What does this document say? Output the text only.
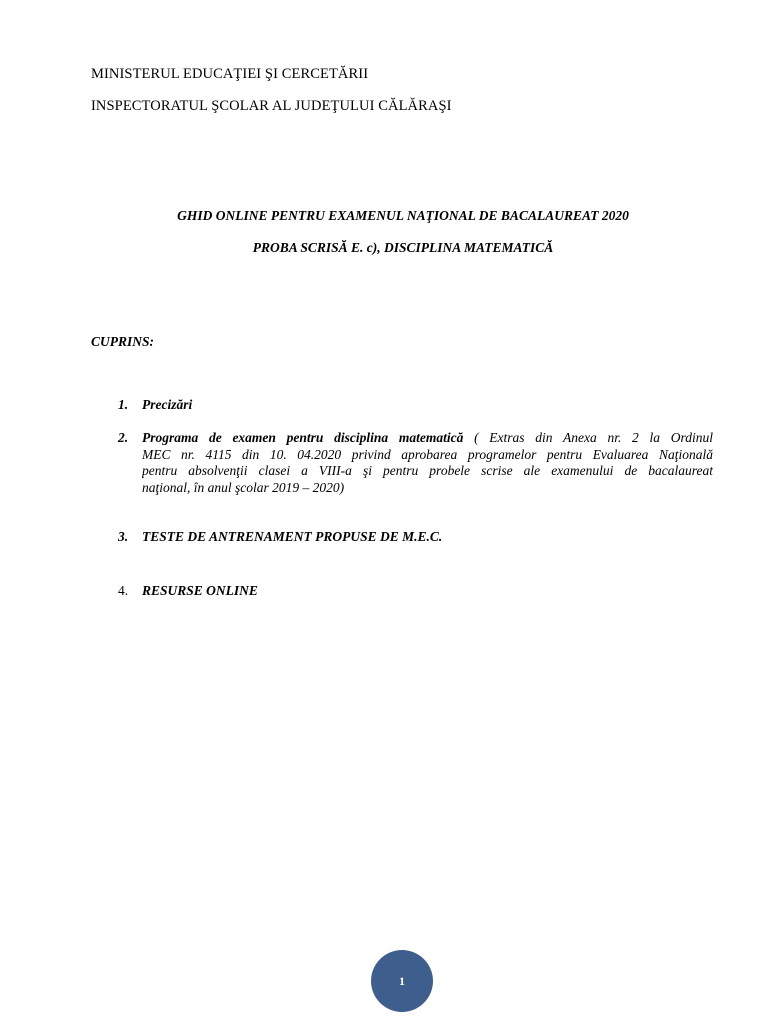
MINISTERUL EDUCAŢIEI ŞI CERCETĂRII
INSPECTORATUL ŞCOLAR AL JUDEŢULUI CĂLĂRAŞI
GHID ONLINE PENTRU EXAMENUL NAŢIONAL DE BACALAUREAT 2020
PROBA SCRISĂ E. c), DISCIPLINA MATEMATICĂ
CUPRINS:
1. Precizări
2. Programa de examen pentru disciplina matematică ( Extras din Anexa nr. 2 la Ordinul
MEC nr. 4115 din 10. 04.2020 privind aprobarea programelor pentru Evaluarea Naţională
pentru absolvenţii clasei a VIII-a şi pentru probele scrise ale examenului de bacalaureat
naţional, în anul şcolar 2019 – 2020)
3. TESTE DE ANTRENAMENT PROPUSE DE M.E.C.
4. RESURSE ONLINE
1
